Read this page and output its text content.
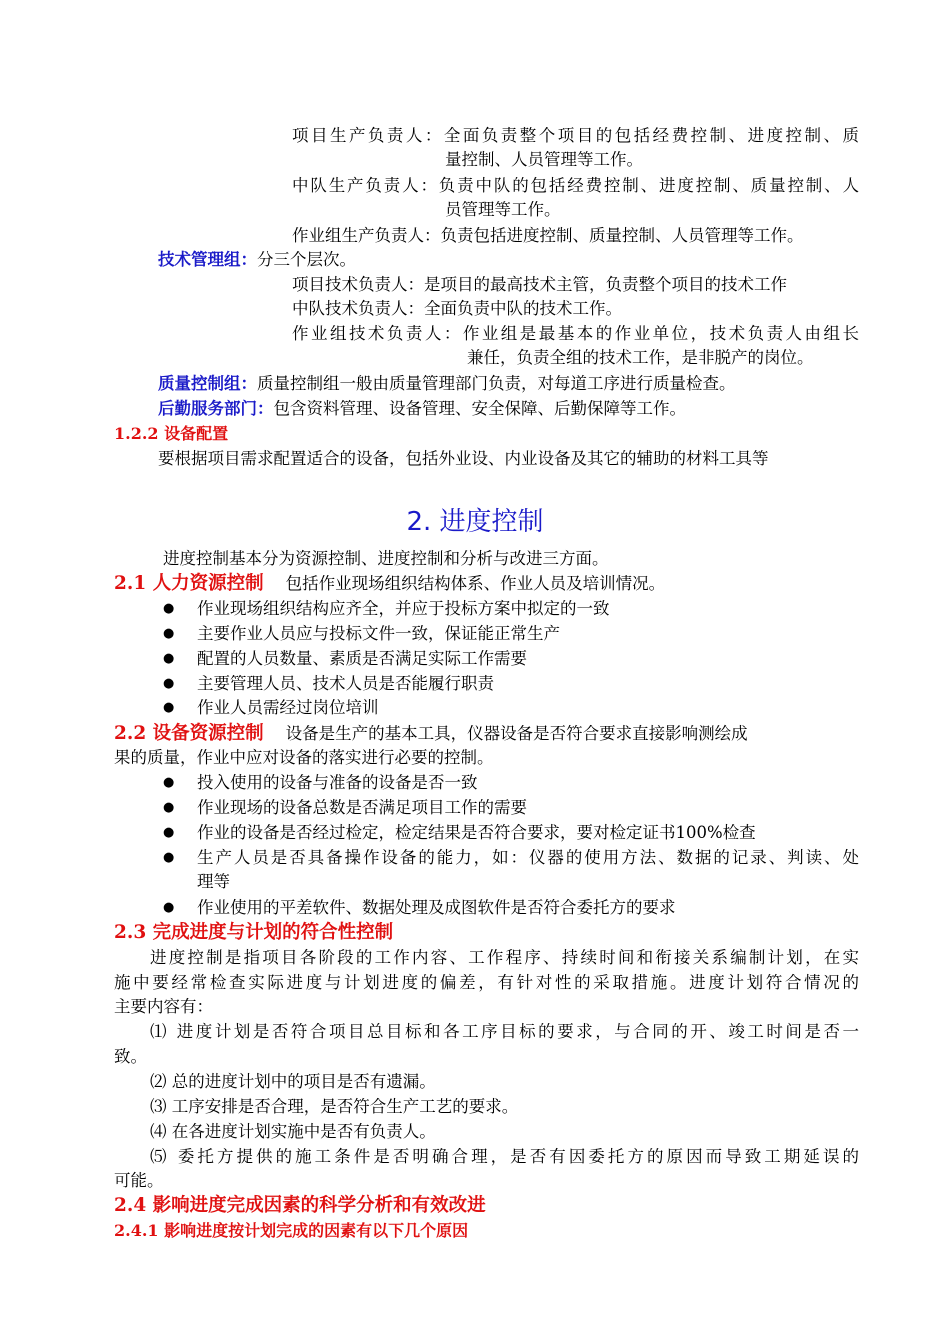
项目生产负责人：全面负责整个项目的包括经费控制、进度控制、质
量控制、人员管理等工作。
中队生产负责人：负责中队的包括经费控制、进度控制、质量控制、人
员管理等工作。
作业组生产负责人：负责包括进度控制、质量控制、人员管理等工作。
技术管理组：分三个层次。
项目技术负责人：是项目的最高技术主管，负责整个项目的技术工作
中队技术负责人：全面负责中队的技术工作。
作业组技术负责人：作业组是最基本的作业单位，技术负责人由组长
兼任，负责全组的技术工作，是非脱产的岗位。
质量控制组：质量控制组一般由质量管理部门负责，对每道工序进行质量检查。
后勤服务部门：包含资料管理、设备管理、安全保障、后勤保障等工作。
1.2.2 设备配置
要根据项目需求配置适合的设备，包括外业设、内业设备及其它的辅助的材料工具等
2. 进度控制
进度控制基本分为资源控制、进度控制和分析与改进三方面。
2.1 人力资源控制 包括作业现场组织结构体系、作业人员及培训情况。
● 作业现场组织结构应齐全，并应于投标方案中拟定的一致
● 主要作业人员应与投标文件一致，保证能正常生产
● 配置的人员数量、素质是否满足实际工作需要
● 主要管理人员、技术人员是否能履行职责
● 作业人员需经过岗位培训
2.2 设备资源控制 设备是生产的基本工具，仪器设备是否符合要求直接影响测绘成
果的质量，作业中应对设备的落实进行必要的控制。
● 投入使用的设备与准备的设备是否一致
● 作业现场的设备总数是否满足项目工作的需要
● 作业的设备是否经过检定，检定结果是否符合要求，要对检定证书100%检查
● 生产人员是否具备操作设备的能力，如：仪器的使用方法、数据的记录、判读、处
理等
● 作业使用的平差软件、数据处理及成图软件是否符合委托方的要求
2.3 完成进度与计划的符合性控制
进度控制是指项目各阶段的工作内容、工作程序、持续时间和衔接关系编制计划，在实
施中要经常检查实际进度与计划进度的偏差，有针对性的采取措施。进度计划符合情况的
主要内容有：
⑴ 进度计划是否符合项目总目标和各工序目标的要求，与合同的开、竣工时间是否一
致。
⑵ 总的进度计划中的项目是否有遗漏。
⑶ 工序安排是否合理，是否符合生产工艺的要求。
⑷ 在各进度计划实施中是否有负责人。
⑸ 委托方提供的施工条件是否明确合理，是否有因委托方的原因而导致工期延误的
可能。
2.4 影响进度完成因素的科学分析和有效改进
2.4.1 影响进度按计划完成的因素有以下几个原因
